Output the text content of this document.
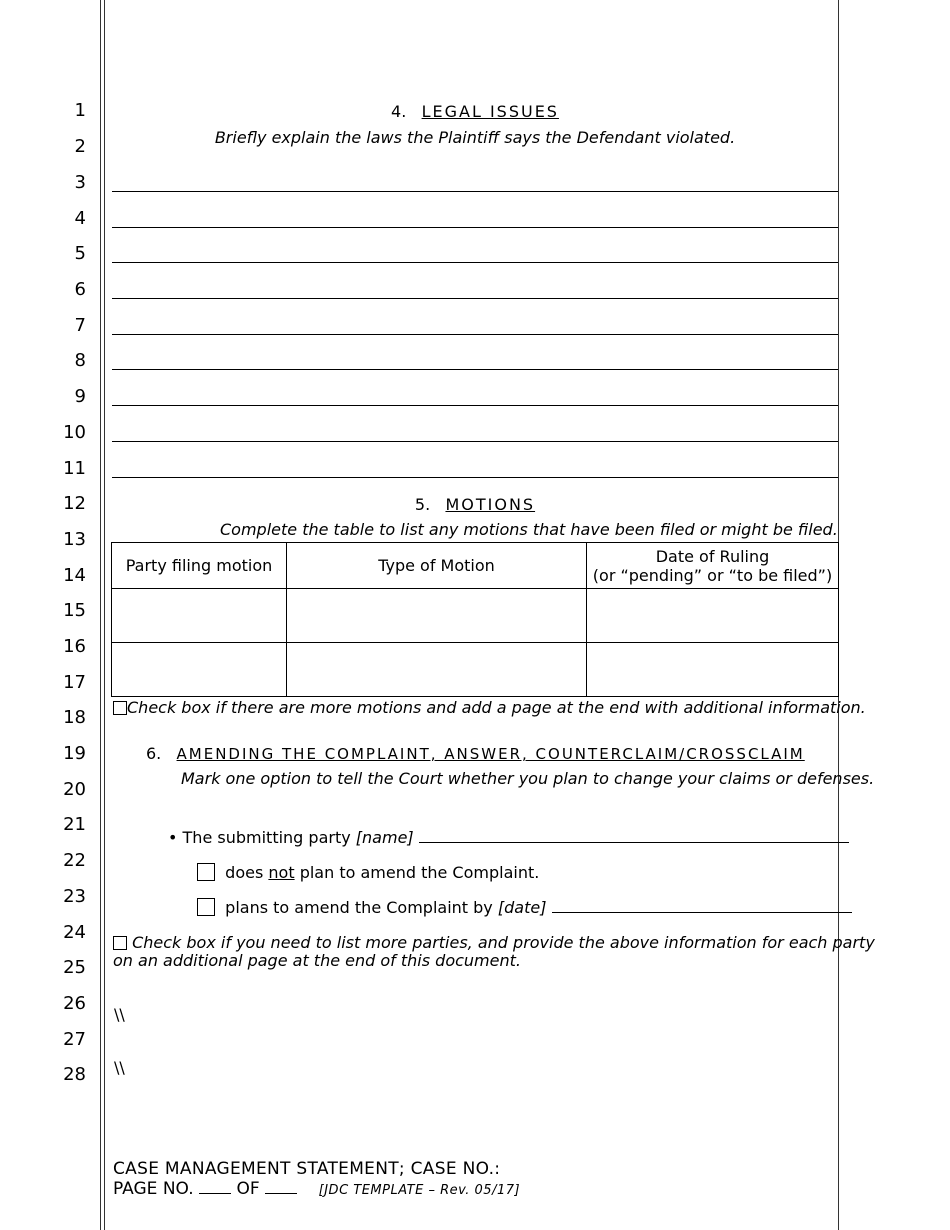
1
2
3
4
5
6
7
8
9
10
11
12
13
14
15
16
17
18
19
20
21
22
23
24
25
26
27
28
4. LEGAL ISSUES
Briefly explain the laws the Plaintiff says the Defendant violated.
5. MOTIONS
Complete the table to list any motions that have been filed or might be filed.
Party filing motion	Type of Motion	Date of Ruling
(or “pending” or “to be filed”)

Check box if there are more motions and add a page at the end with additional information.
6. AMENDING THE COMPLAINT, ANSWER, COUNTERCLAIM/CROSSCLAIM
Mark one option to tell the Court whether you plan to change your claims or defenses.
• The submitting party [name]
does not plan to amend the Complaint.
plans to amend the Complaint by [date]
Check box if you need to list more parties, and provide the above information for each party
on an additional page at the end of this document.
\\
\\
CASE MANAGEMENT STATEMENT; CASE NO.:
PAGE NO.	OF	[JDC TEMPLATE – Rev. 05/17]
